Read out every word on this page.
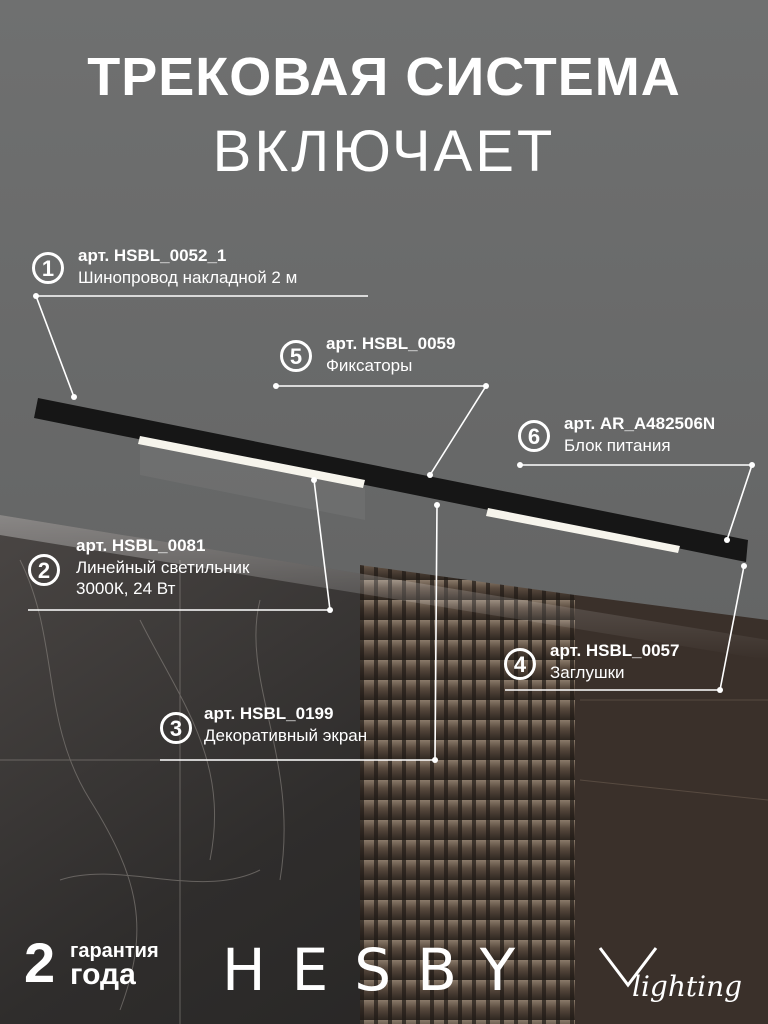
ТРЕКОВАЯ СИСТЕМА
ВКЛЮЧАЕТ
1
арт. HSBL_0052_1
Шинопровод накладной 2 м
5
арт. HSBL_0059
Фиксаторы
6
арт. AR_A482506N
Блок питания
2
арт. HSBL_0081
Линейный светильник
3000К, 24 Вт
4
арт. HSBL_0057
Заглушки
3
арт. HSBL_0199
Декоративный экран
2 гарантия
года HESBY	lighting
